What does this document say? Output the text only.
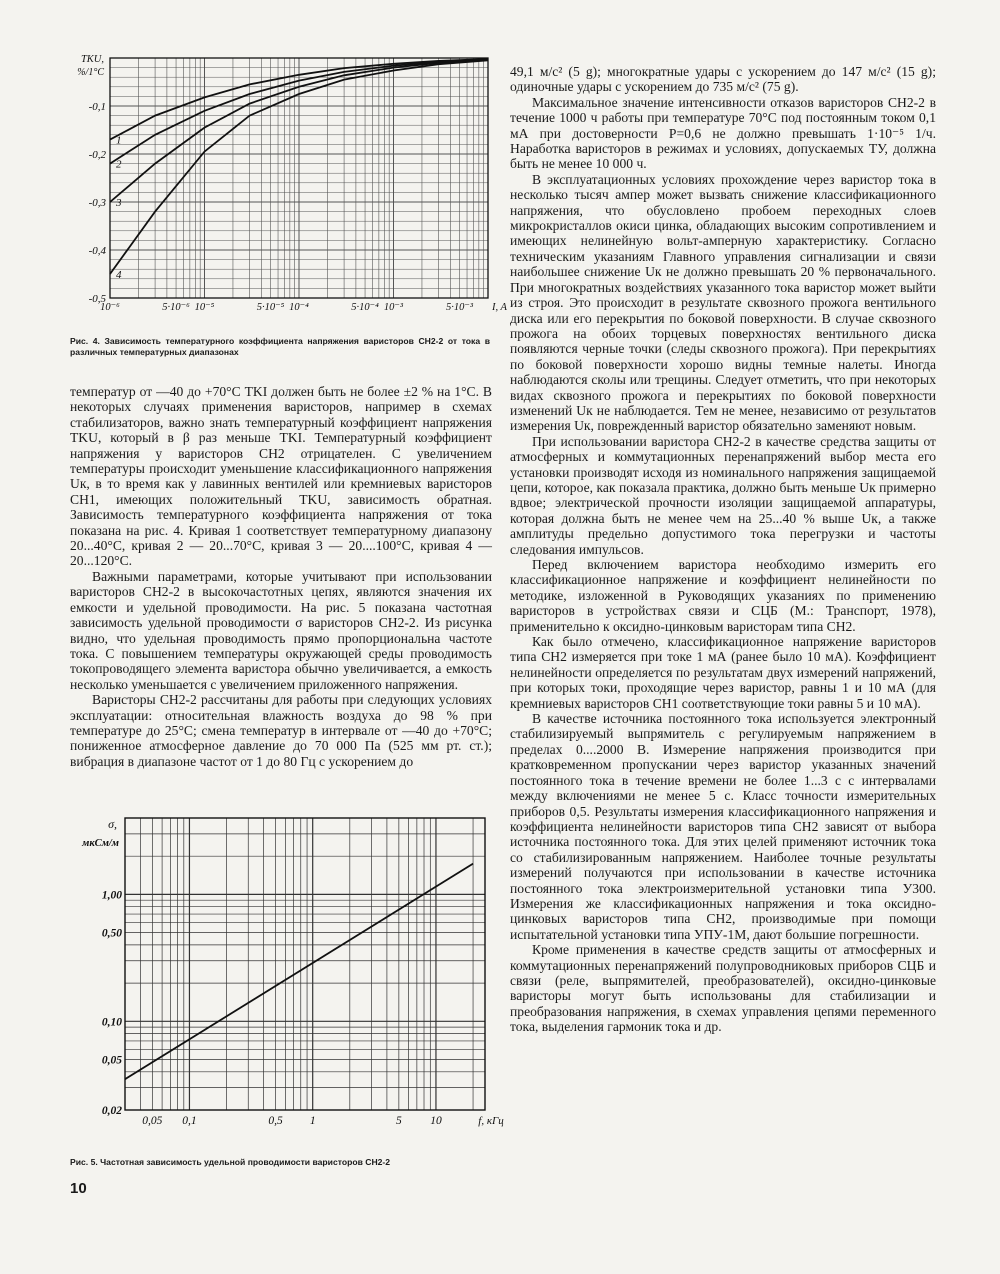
-0,1
-0,2
-0,3
-0,4
-0,5
10⁻⁶	5·10⁻⁶ 10⁻⁵	5·10⁻⁵ 10⁻⁴	5·10⁻⁴ 10⁻³	5·10⁻³ I, A
TKU,
%/1°C
1
2
3
4

Рис. 4. Зависимость температурного коэффициента напряжения варисторов СН2-2 от тока в различных температурных диапазонах

0,02
0,05
0,10
0,50
1,00
0,05 0,1	0,5 1	5 10	f, кГц
σ,
мкСм/м

Рис. 5. Частотная зависимость удельной проводимости варисторов СН2-2

температур от —40 до +70°С TKI должен быть не более ±2 % на 1°С. В некоторых случаях применения варисторов, например в схемах стабилизаторов, важно знать температурный коэффициент напряжения TKU, который в β раз меньше TKI. Температурный коэффициент напряжения у варисторов СН2 отрицателен. С увеличением температуры происходит уменьшение классификационного напряжения Uк, в то время как у лавинных вентилей или кремниевых варисторов СН1, имеющих положительный TKU, зависимость обратная. Зависимость температурного коэффициента напряжения от тока показана на рис. 4. Кривая 1 соответствует температурному диапазону 20...40°С, кривая 2 — 20...70°С, кривая 3 — 20....100°С, кривая 4 — 20...120°С.

Важными параметрами, которые учитывают при использовании варисторов СН2-2 в высокочастотных цепях, являются значения их емкости и удельной проводимости. На рис. 5 показана частотная зависимость удельной проводимости σ варисторов СН2-2. Из рисунка видно, что удельная проводимость прямо пропорциональна частоте тока. С повышением температуры окружающей среды проводимость токопроводящего элемента варистора обычно увеличивается, а емкость несколько уменьшается с увеличением приложенного напряжения.

Варисторы СН2-2 рассчитаны для работы при следующих условиях эксплуатации: относительная влажность воздуха до 98 % при температуре до 25°С; смена температур в интервале от —40 до +70°С; пониженное атмосферное давление до 70 000 Па (525 мм рт. ст.); вибрация в диапазоне частот от 1 до 80 Гц с ускорением до

49,1 м/с² (5 g); многократные удары с ускорением до 147 м/с² (15 g); одиночные удары с ускорением до 735 м/с² (75 g).

Максимальное значение интенсивности отказов варисторов СН2-2 в течение 1000 ч работы при температуре 70°С под постоянным током 0,1 мА при достоверности Р=0,6 не должно превышать 1·10⁻⁵ 1/ч. Наработка варисторов в режимах и условиях, допускаемых ТУ, должна быть не менее 10 000 ч.

В эксплуатационных условиях прохождение через варистор тока в несколько тысяч ампер может вызвать снижение классификационного напряжения, что обусловлено пробоем переходных слоев микрокристаллов окиси цинка, обладающих высоким сопротивлением и имеющих нелинейную вольт-амперную характеристику. Согласно техническим указаниям Главного управления сигнализации и связи наибольшее снижение Uк не должно превышать 20 % первоначального. При многократных воздействиях указанного тока варистор может выйти из строя. Это происходит в результате сквозного прожога вентильного диска или его перекрытия по боковой поверхности. В случае сквозного прожога на обоих торцевых поверхностях вентильного диска появляются черные точки (следы сквозного прожога). При перекрытиях по боковой поверхности хорошо видны темные налеты. Иногда наблюдаются сколы или трещины. Следует отметить, что при некоторых видах сквозного прожога и перекрытиях по боковой поверхности изменений Uк не наблюдается. Тем не менее, независимо от результатов измерения Uк, поврежденный варистор обязательно заменяют новым.

При использовании варистора СН2-2 в качестве средства защиты от атмосферных и коммутационных перенапряжений выбор места его установки производят исходя из номинального напряжения защищаемой цепи, которое, как показала практика, должно быть меньше Uк примерно вдвое; электрической прочности изоляции защищаемой аппаратуры, которая должна быть не менее чем на 25...40 % выше Uк, а также амплитуды предельно допустимого тока перегрузки и частоты следования импульсов.

Перед включением варистора необходимо измерить его классификационное напряжение и коэффициент нелинейности по методике, изложенной в Руководящих указаниях по применению варисторов в устройствах связи и СЦБ (М.: Транспорт, 1978), применительно к оксидно-цинковым варисторам типа СН2.

Как было отмечено, классификационное напряжение варисторов типа СН2 измеряется при токе 1 мА (ранее было 10 мА). Коэффициент нелинейности определяется по результатам двух измерений напряжений, при которых токи, проходящие через варистор, равны 1 и 10 мА (для кремниевых варисторов СН1 соответствующие токи равны 5 и 10 мА).

В качестве источника постоянного тока используется электронный стабилизируемый выпрямитель с регулируемым напряжением в пределах 0....2000 В. Измерение напряжения производится при кратковременном пропускании через варистор указанных значений постоянного тока в течение времени не более 1...3 с с интервалами между включениями не менее 5 с. Класс точности измерительных приборов 0,5. Результаты измерения классификационного напряжения и коэффициента нелинейности варисторов типа СН2 зависят от выбора источника постоянного тока. Для этих целей применяют источник тока со стабилизированным напряжением. Наиболее точные результаты измерений получаются при использовании в качестве источника постоянного тока электроизмерительной установки типа У300. Измерения же классификационных напряжения и тока оксидно-цинковых варисторов типа СН2, производимые при помощи испытательной установки типа УПУ-1М, дают большие погрешности.

Кроме применения в качестве средств защиты от атмосферных и коммутационных перенапряжений полупроводниковых приборов СЦБ и связи (реле, выпрямителей, преобразователей), оксидно-цинковые варисторы могут быть использованы для стабилизации и преобразования напряжения, в схемах управления цепями переменного тока, выделения гармоник тока и др.

10
